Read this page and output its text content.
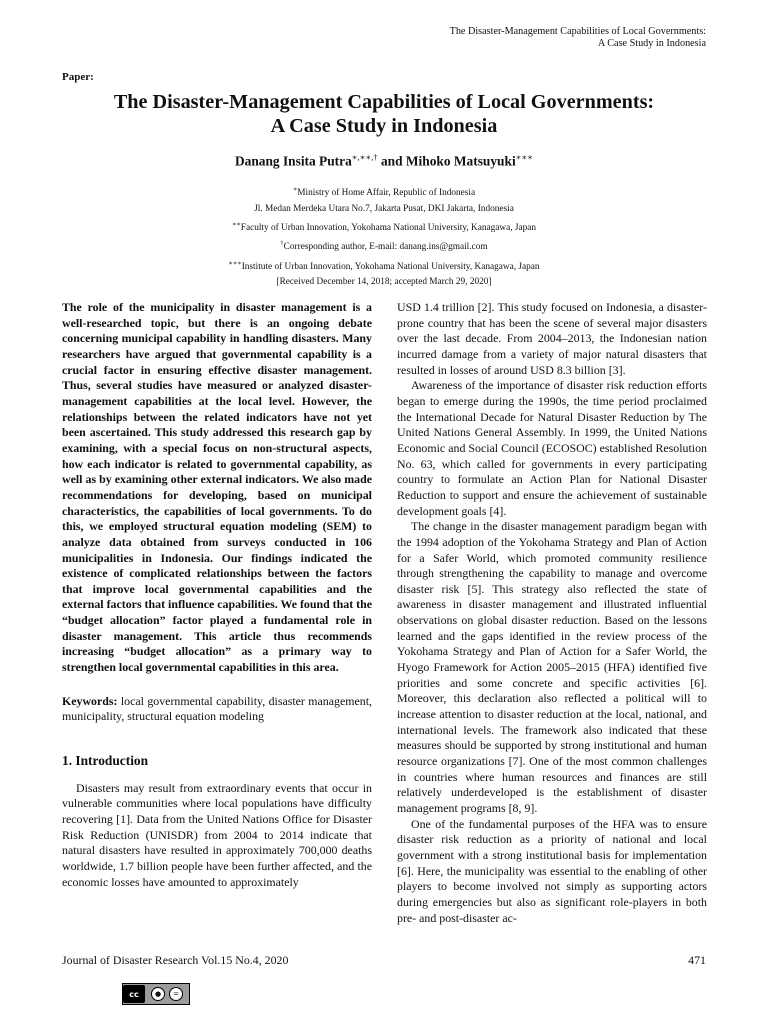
The Disaster-Management Capabilities of Local Governments:
A Case Study in Indonesia
Paper:
The Disaster-Management Capabilities of Local Governments:
A Case Study in Indonesia
Danang Insita Putra∗,∗∗,† and Mihoko Matsuyuki∗∗∗
∗Ministry of Home Affair, Republic of Indonesia
Jl. Medan Merdeka Utara No.7, Jakarta Pusat, DKI Jakarta, Indonesia
∗∗Faculty of Urban Innovation, Yokohama National University, Kanagawa, Japan
†Corresponding author, E-mail: danang.ins@gmail.com
∗∗∗Institute of Urban Innovation, Yokohama National University, Kanagawa, Japan
[Received December 14, 2018; accepted March 29, 2020]

The role of the municipality in disaster management is a well-researched topic, but there is an ongoing debate concerning municipal capability in handling disasters. Many researchers have argued that governmental capability is a crucial factor in ensuring effective disaster management. Thus, several studies have measured or analyzed disaster-management capabilities at the local level. However, the relationships between the related indicators have not yet been ascertained. This study addressed this research gap by examining, with a special focus on non-structural aspects, how each indicator is related to governmental capability, as well as by examining other external indicators. We also made recommendations for developing, based on municipal characteristics, the capabilities of local governments. To do this, we employed structural equation modeling (SEM) to analyze data obtained from surveys conducted in 106 municipalities in Indonesia. Our findings indicated the existence of complicated relationships between the factors that improve local governmental capabilities and the external factors that influence capabilities. We found that the “budget allocation” factor played a fundamental role in disaster management. This article thus recommends increasing “budget allocation” as a primary way to strengthen local governmental capabilities in this area.

Keywords: local governmental capability, disaster management, municipality, structural equation modeling

1. Introduction

Disasters may result from extraordinary events that occur in vulnerable communities where local populations have difficulty recovering [1]. Data from the United Nations Office for Disaster Risk Reduction (UNISDR) from 2004 to 2014 indicate that natural disasters have resulted in approximately 700,000 deaths worldwide, 1.7 billion people have been further affected, and the economic losses have amounted to approximately

USD 1.4 trillion [2]. This study focused on Indonesia, a disaster-prone country that has been the scene of several major disasters over the last decade. From 2004–2013, the Indonesian nation incurred damage from a variety of major natural disasters that resulted in losses of around USD 8.3 billion [3].

Awareness of the importance of disaster risk reduction efforts began to emerge during the 1990s, the time period proclaimed the International Decade for Natural Disaster Reduction by The United Nations General Assembly. In 1999, the United Nations Economic and Social Council (ECOSOC) established Resolution No. 63, which called for governments in every participating country to formulate an Action Plan for National Disaster Reduction to support and ensure the achievement of sustainable development goals [4].

The change in the disaster management paradigm began with the 1994 adoption of the Yokohama Strategy and Plan of Action for a Safer World, which promoted community resilience through strengthening the capability to manage and overcome disaster risk [5]. This strategy also reflected the state of awareness in disaster management and illustrated influential observations on global disaster reduction. Based on the lessons learned and the gaps identified in the review process of the Yokohama Strategy and Plan of Action for a Safer World, the Hyogo Framework for Action 2005–2015 (HFA) identified five priorities and some concrete and specific activities [6]. Moreover, this declaration also reflected a political will to increase attention to disaster reduction at the local, national, and international levels. The framework also indicated that these measures should be supported by strong institutional and human resource organizations [7]. One of the most common challenges in countries where human resources and finances are still relatively underdeveloped is the establishment of disaster management programs [8, 9].

One of the fundamental purposes of the HFA was to ensure disaster risk reduction as a priority of national and local government with a strong institutional basis for implementation [6]. Here, the municipality was essential to the enabling of other players to become involved not simply as supporting actors during emergencies but also as significant role-players in both pre- and post-disaster ac-

Journal of Disaster Research Vol.15 No.4, 2020	471
cc	●	=
